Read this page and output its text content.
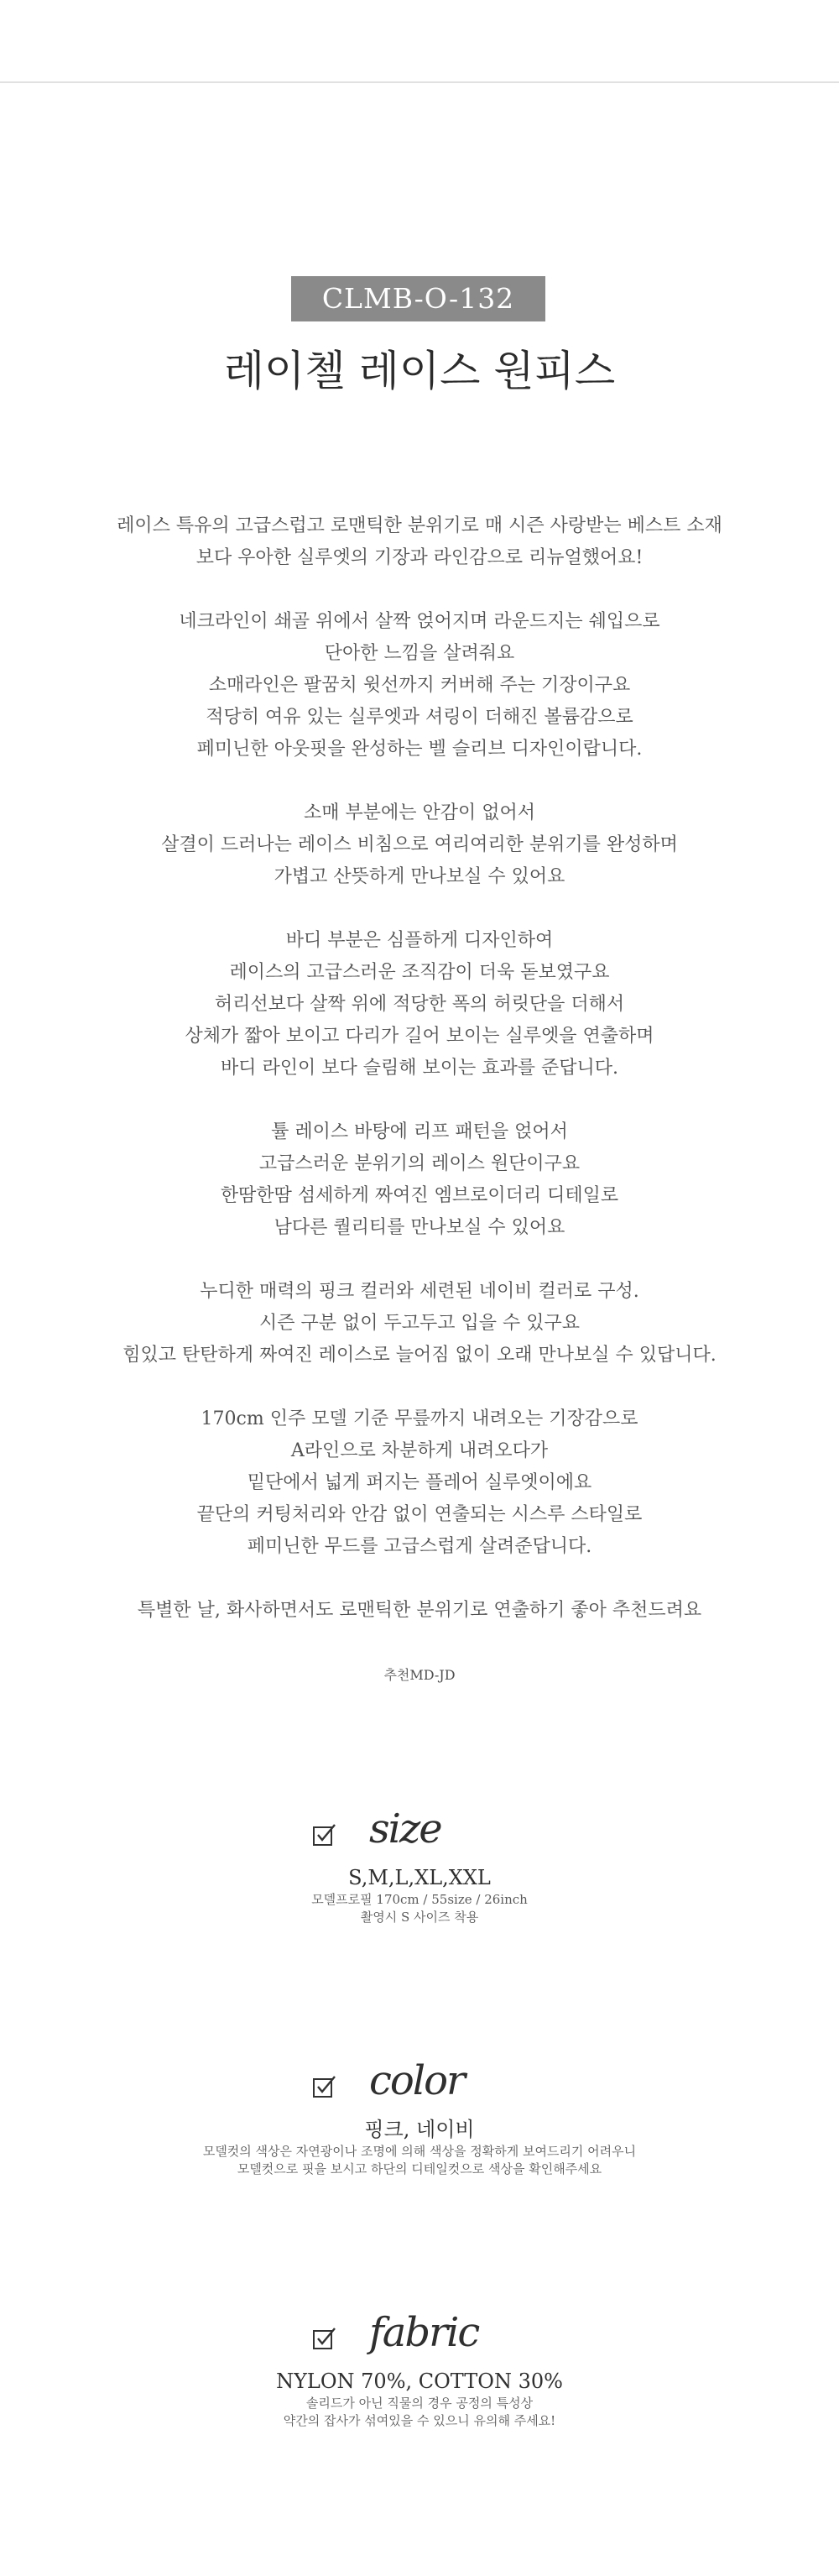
CLMB-O-132
레이첼 레이스 원피스
레이스 특유의 고급스럽고 로맨틱한 분위기로 매 시즌 사랑받는 베스트 소재
보다 우아한 실루엣의 기장과 라인감으로 리뉴얼했어요!
네크라인이 쇄골 위에서 살짝 얹어지며 라운드지는 쉐입으로
단아한 느낌을 살려줘요
소매라인은 팔꿈치 윗선까지 커버해 주는 기장이구요
적당히 여유 있는 실루엣과 셔링이 더해진 볼륨감으로
페미닌한 아웃핏을 완성하는 벨 슬리브 디자인이랍니다.
소매 부분에는 안감이 없어서
살결이 드러나는 레이스 비침으로 여리여리한 분위기를 완성하며
가볍고 산뜻하게 만나보실 수 있어요
바디 부분은 심플하게 디자인하여
레이스의 고급스러운 조직감이 더욱 돋보였구요
허리선보다 살짝 위에 적당한 폭의 허릿단을 더해서
상체가 짧아 보이고 다리가 길어 보이는 실루엣을 연출하며
바디 라인이 보다 슬림해 보이는 효과를 준답니다.
튤 레이스 바탕에 리프 패턴을 얹어서
고급스러운 분위기의 레이스 원단이구요
한땀한땀 섬세하게 짜여진 엠브로이더리 디테일로
남다른 퀄리티를 만나보실 수 있어요
누디한 매력의 핑크 컬러와 세련된 네이비 컬러로 구성.
시즌 구분 없이 두고두고 입을 수 있구요
힘있고 탄탄하게 짜여진 레이스로 늘어짐 없이 오래 만나보실 수 있답니다.
170cm 인주 모델 기준 무릎까지 내려오는 기장감으로
A라인으로 차분하게 내려오다가
밑단에서 넓게 퍼지는 플레어 실루엣이에요
끝단의 커팅처리와 안감 없이 연출되는 시스루 스타일로
페미닌한 무드를 고급스럽게 살려준답니다.
특별한 날, 화사하면서도 로맨틱한 분위기로 연출하기 좋아 추천드려요
추천MD-JD
size
S,M,L,XL,XXL
모델프로필 170cm / 55size / 26inch
촬영시 S 사이즈 착용
color
핑크, 네이비
모델컷의 색상은 자연광이나 조명에 의해 색상을 정확하게 보여드리기 어려우니
모델컷으로 핏을 보시고 하단의 디테일컷으로 색상을 확인해주세요
fabric
NYLON 70%, COTTON 30%
솔리드가 아닌 직물의 경우 공정의 특성상
약간의 잡사가 섞여있을 수 있으니 유의해 주세요!
